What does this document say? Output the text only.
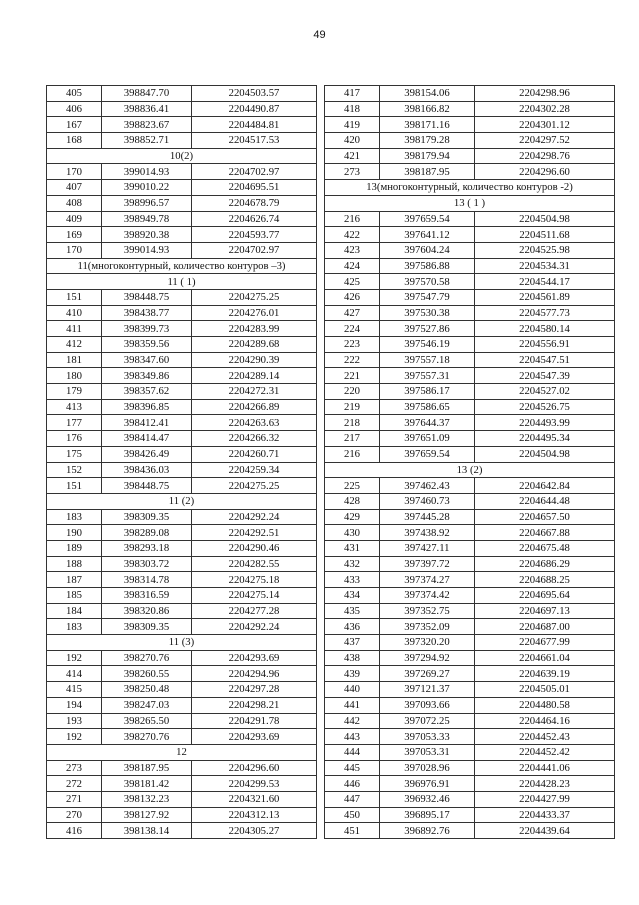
49
405	398847.70	2204503.57
406	398836.41	2204490.87
167	398823.67	2204484.81
168	398852.71	2204517.53
10(2)		
170	399014.93	2204702.97
407	399010.22	2204695.51
408	398996.57	2204678.79
409	398949.78	2204626.74
169	398920.38	2204593.77
170	399014.93	2204702.97
11(многоконтурный, количество контуров –3)		
11 ( 1)		
151	398448.75	2204275.25
410	398438.77	2204276.01
411	398399.73	2204283.99
412	398359.56	2204289.68
181	398347.60	2204290.39
180	398349.86	2204289.14
179	398357.62	2204272.31
413	398396.85	2204266.89
177	398412.41	2204263.63
176	398414.47	2204266.32
175	398426.49	2204260.71
152	398436.03	2204259.34
151	398448.75	2204275.25
11 (2)		
183	398309.35	2204292.24
190	398289.08	2204292.51
189	398293.18	2204290.46
188	398303.72	2204282.55
187	398314.78	2204275.18
185	398316.59	2204275.14
184	398320.86	2204277.28
183	398309.35	2204292.24
11 (3)		
192	398270.76	2204293.69
414	398260.55	2204294.96
415	398250.48	2204297.28
194	398247.03	2204298.21
193	398265.50	2204291.78
192	398270.76	2204293.69
12		
273	398187.95	2204296.60
272	398181.42	2204299.53
271	398132.23	2204321.60
270	398127.92	2204312.13
416	398138.14	2204305.27
417	398154.06	2204298.96
418	398166.82	2204302.28
419	398171.16	2204301.12
420	398179.28	2204297.52
421	398179.94	2204298.76
273	398187.95	2204296.60
13(многоконтурный, количество контуров -2)		
13 ( 1 )		
216	397659.54	2204504.98
422	397641.12	2204511.68
423	397604.24	2204525.98
424	397586.88	2204534.31
425	397570.58	2204544.17
426	397547.79	2204561.89
427	397530.38	2204577.73
224	397527.86	2204580.14
223	397546.19	2204556.91
222	397557.18	2204547.51
221	397557.31	2204547.39
220	397586.17	2204527.02
219	397586.65	2204526.75
218	397644.37	2204493.99
217	397651.09	2204495.34
216	397659.54	2204504.98
13 (2)		
225	397462.43	2204642.84
428	397460.73	2204644.48
429	397445.28	2204657.50
430	397438.92	2204667.88
431	397427.11	2204675.48
432	397397.72	2204686.29
433	397374.27	2204688.25
434	397374.42	2204695.64
435	397352.75	2204697.13
436	397352.09	2204687.00
437	397320.20	2204677.99
438	397294.92	2204661.04
439	397269.27	2204639.19
440	397121.37	2204505.01
441	397093.66	2204480.58
442	397072.25	2204464.16
443	397053.33	2204452.43
444	397053.31	2204452.42
445	397028.96	2204441.06
446	396976.91	2204428.23
447	396932.46	2204427.99
450	396895.17	2204433.37
451	396892.76	2204439.64
